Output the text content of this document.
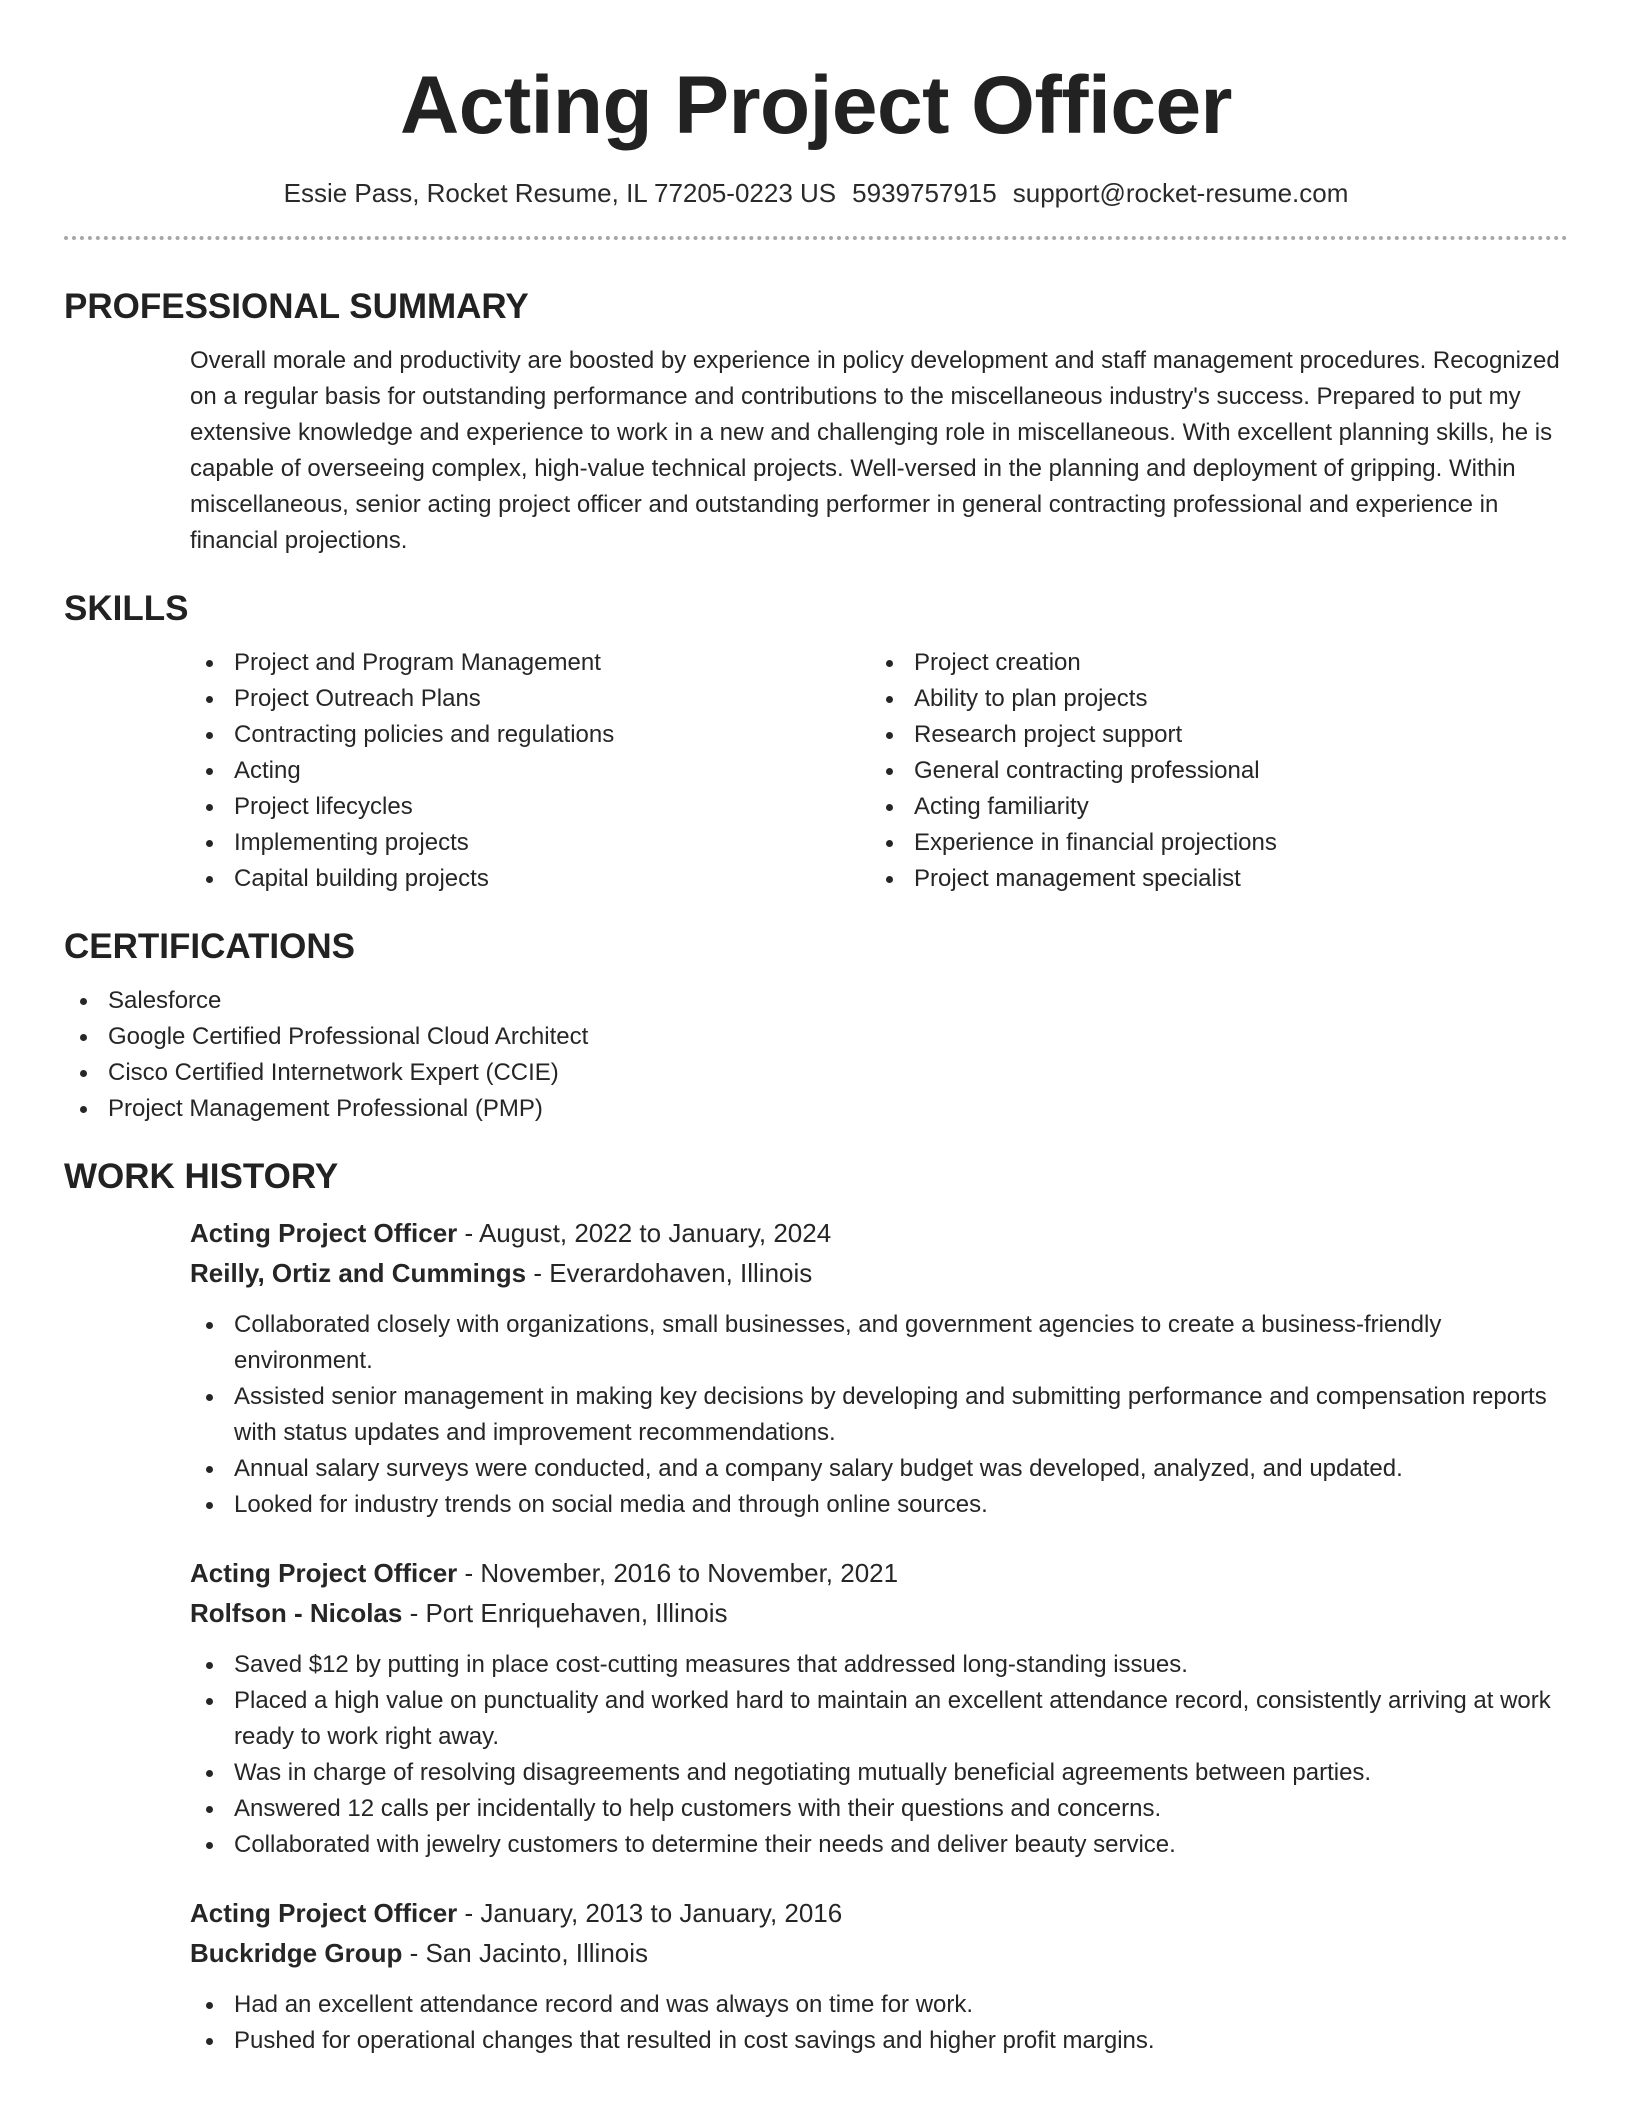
Acting Project Officer
Essie Pass, Rocket Resume, IL 77205-0223 US 5939757915 support@rocket-resume.com
PROFESSIONAL SUMMARY
Overall morale and productivity are boosted by experience in policy development and staff management procedures. Recognized on a regular basis for outstanding performance and contributions to the miscellaneous industry's success. Prepared to put my extensive knowledge and experience to work in a new and challenging role in miscellaneous. With excellent planning skills, he is capable of overseeing complex, high-value technical projects. Well-versed in the planning and deployment of gripping. Within miscellaneous, senior acting project officer and outstanding performer in general contracting professional and experience in financial projections.
SKILLS
Project and Program Management
Project Outreach Plans
Contracting policies and regulations
Acting
Project lifecycles
Implementing projects
Capital building projects
Project creation
Ability to plan projects
Research project support
General contracting professional
Acting familiarity
Experience in financial projections
Project management specialist
CERTIFICATIONS
Salesforce
Google Certified Professional Cloud Architect
Cisco Certified Internetwork Expert (CCIE)
Project Management Professional (PMP)
WORK HISTORY
Acting Project Officer - August, 2022 to January, 2024
Reilly, Ortiz and Cummings - Everardohaven, Illinois
Collaborated closely with organizations, small businesses, and government agencies to create a business-friendly environment.
Assisted senior management in making key decisions by developing and submitting performance and compensation reports with status updates and improvement recommendations.
Annual salary surveys were conducted, and a company salary budget was developed, analyzed, and updated.
Looked for industry trends on social media and through online sources.
Acting Project Officer - November, 2016 to November, 2021
Rolfson - Nicolas - Port Enriquehaven, Illinois
Saved $12 by putting in place cost-cutting measures that addressed long-standing issues.
Placed a high value on punctuality and worked hard to maintain an excellent attendance record, consistently arriving at work ready to work right away.
Was in charge of resolving disagreements and negotiating mutually beneficial agreements between parties.
Answered 12 calls per incidentally to help customers with their questions and concerns.
Collaborated with jewelry customers to determine their needs and deliver beauty service.
Acting Project Officer - January, 2013 to January, 2016
Buckridge Group - San Jacinto, Illinois
Had an excellent attendance record and was always on time for work.
Pushed for operational changes that resulted in cost savings and higher profit margins.
